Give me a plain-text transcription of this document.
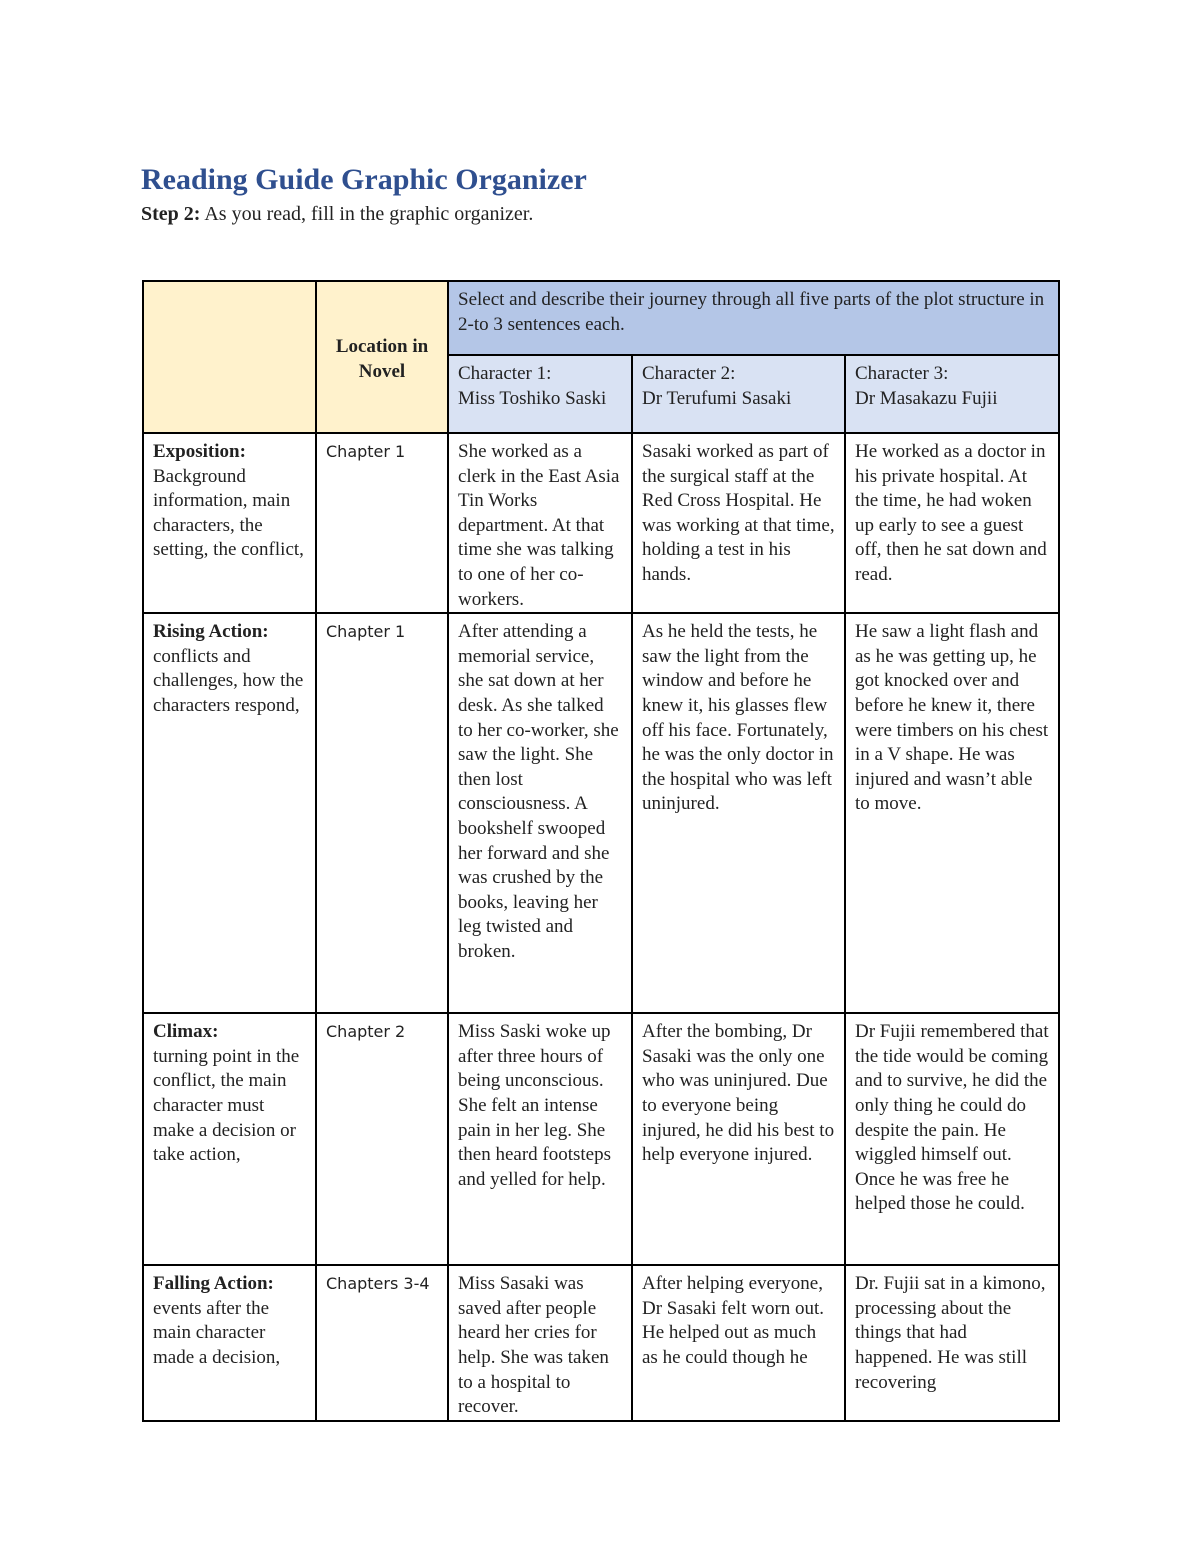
Reading Guide Graphic Organizer

Step 2: As you read, fill in the graphic organizer.

	Location in Novel	Select and describe their journey through all five parts of the plot structure in 2-to 3 sentences each.		
		Character 1:
Miss Toshiko Saski	Character 2:
Dr Terufumi Sasaki	Character 3:
Dr Masakazu Fujii

Exposition:
Background information, main characters, the setting, the conflict,	Chapter 1	She worked as a clerk in the East Asia Tin Works department. At that time she was talking to one of her co-workers.	Sasaki worked as part of the surgical staff at the Red Cross Hospital. He was working at that time, holding a test in his hands.	He worked as a doctor in his private hospital. At the time, he had woken up early to see a guest off, then he sat down and read.

Rising Action:
conflicts and challenges, how the characters respond,	Chapter 1	After attending a memorial service, she sat down at her desk. As she talked to her co-worker, she saw the light. She then lost consciousness. A bookshelf swooped her forward and she was crushed by the books, leaving her leg twisted and broken.	As he held the tests, he saw the light from the window and before he knew it, his glasses flew off his face. Fortunately, he was the only doctor in the hospital who was left uninjured.	He saw a light flash and as he was getting up, he got knocked over and before he knew it, there were timbers on his chest in a V shape. He was injured and wasn’t able to move.

Climax:
turning point in the conflict, the main character must make a decision or take action,	Chapter 2	Miss Saski woke up after three hours of being unconscious. She felt an intense pain in her leg. She then heard footsteps and yelled for help.	After the bombing, Dr Sasaki was the only one who was uninjured. Due to everyone being injured, he did his best to help everyone injured.	Dr Fujii remembered that the tide would be coming and to survive, he did the only thing he could do despite the pain. He wiggled himself out. Once he was free he helped those he could.

Falling Action:
events after the main character made a decision,	Chapters 3-4	Miss Sasaki was saved after people heard her cries for help. She was taken to a hospital to recover.	After helping everyone, Dr Sasaki felt worn out. He helped out as much as he could though he	Dr. Fujii sat in a kimono, processing about the things that had happened. He was still recovering
